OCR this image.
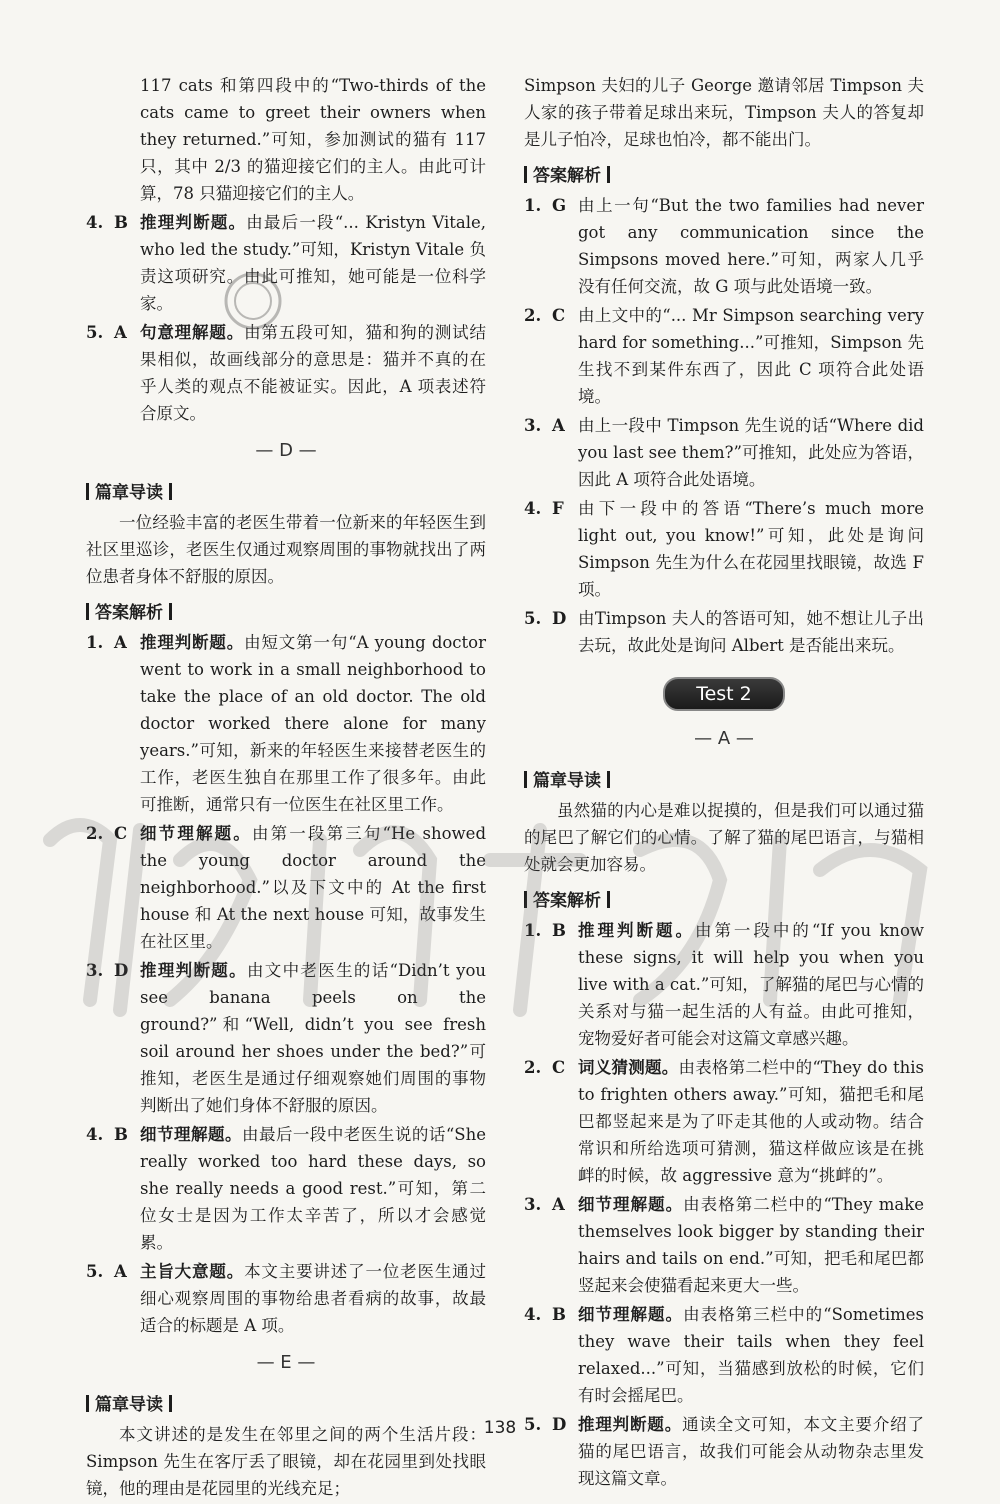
117 cats 和第四段中的“Two-thirds of the cats came to greet their owners when they returned.”可知，参加测试的猫有 117 只，其中 2/3 的猫迎接它们的主人。由此可计算，78 只猫迎接它们的主人。

4. B 推理判断题。由最后一段“... Kristyn Vitale, who led the study.”可知，Kristyn Vitale 负责这项研究。由此可推知，她可能是一位科学家。
5. A 句意理解题。由第五段可知，猫和狗的测试结果相似，故画线部分的意思是：猫并不真的在乎人类的观点不能被证实。因此，A 项表述符合原文。
— D —
篇章导读

一位经验丰富的老医生带着一位新来的年轻医生到社区里巡诊，老医生仅通过观察周围的事物就找出了两位患者身体不舒服的原因。

答案解析
1. A 推理判断题。由短文第一句“A young doctor went to work in a small neighborhood to take the place of an old doctor. The old doctor worked there alone for many years.”可知，新来的年轻医生来接替老医生的工作，老医生独自在那里工作了很多年。由此可推断，通常只有一位医生在社区里工作。
2. C 细节理解题。由第一段第三句“He showed the young doctor around the neighborhood.”以及下文中的 At the first house 和 At the next house 可知，故事发生在社区里。
3. D 推理判断题。由文中老医生的话“Didn’t you see banana peels on the ground?”和“Well, didn’t you see fresh soil around her shoes under the bed?”可推知，老医生是通过仔细观察她们周围的事物判断出了她们身体不舒服的原因。
4. B 细节理解题。由最后一段中老医生说的话“She really worked too hard these days, so she really needs a good rest.”可知，第二位女士是因为工作太辛苦了，所以才会感觉累。
5. A 主旨大意题。本文主要讲述了一位老医生通过细心观察周围的事物给患者看病的故事，故最适合的标题是 A 项。
— E —
篇章导读

本文讲述的是发生在邻里之间的两个生活片段：Simpson 先生在客厅丢了眼镜，却在花园里到处找眼镜，他的理由是花园里的光线充足；

Simpson 夫妇的儿子 George 邀请邻居 Timpson 夫人家的孩子带着足球出来玩，Timpson 夫人的答复却是儿子怕冷，足球也怕冷，都不能出门。

答案解析
1. G 由上一句“But the two families had never got any communication since the Simpsons moved here.”可知，两家人几乎没有任何交流，故 G 项与此处语境一致。
2. C 由上文中的“... Mr Simpson searching very hard for something...”可推知，Simpson 先生找不到某件东西了，因此 C 项符合此处语境。
3. A 由上一段中 Timpson 先生说的话“Where did you last see them?”可推知，此处应为答语，因此 A 项符合此处语境。
4. F 由下一段中的答语“There’s much more light out, you know!”可知，此处是询问 Simpson 先生为什么在花园里找眼镜，故选 F 项。
5. D 由Timpson 夫人的答语可知，她不想让儿子出去玩，故此处是询问 Albert 是否能出来玩。
Test 2
— A —
篇章导读

虽然猫的内心是难以捉摸的，但是我们可以通过猫的尾巴了解它们的心情。了解了猫的尾巴语言，与猫相处就会更加容易。

答案解析
1. B 推理判断题。由第一段中的“If you know these signs, it will help you when you live with a cat.”可知，了解猫的尾巴与心情的关系对与猫一起生活的人有益。由此可推知，宠物爱好者可能会对这篇文章感兴趣。
2. C 词义猜测题。由表格第二栏中的“They do this to frighten others away.”可知，猫把毛和尾巴都竖起来是为了吓走其他的人或动物。结合常识和所给选项可猜测，猫这样做应该是在挑衅的时候，故 aggressive 意为“挑衅的”。
3. A 细节理解题。由表格第二栏中的“They make themselves look bigger by standing their hairs and tails on end.”可知，把毛和尾巴都竖起来会使猫看起来更大一些。
4. B 细节理解题。由表格第三栏中的“Sometimes they wave their tails when they feel relaxed...”可知，当猫感到放松的时候，它们有时会摇尾巴。
5. D 推理判断题。通读全文可知，本文主要介绍了猫的尾巴语言，故我们可能会从动物杂志里发现这篇文章。
138
